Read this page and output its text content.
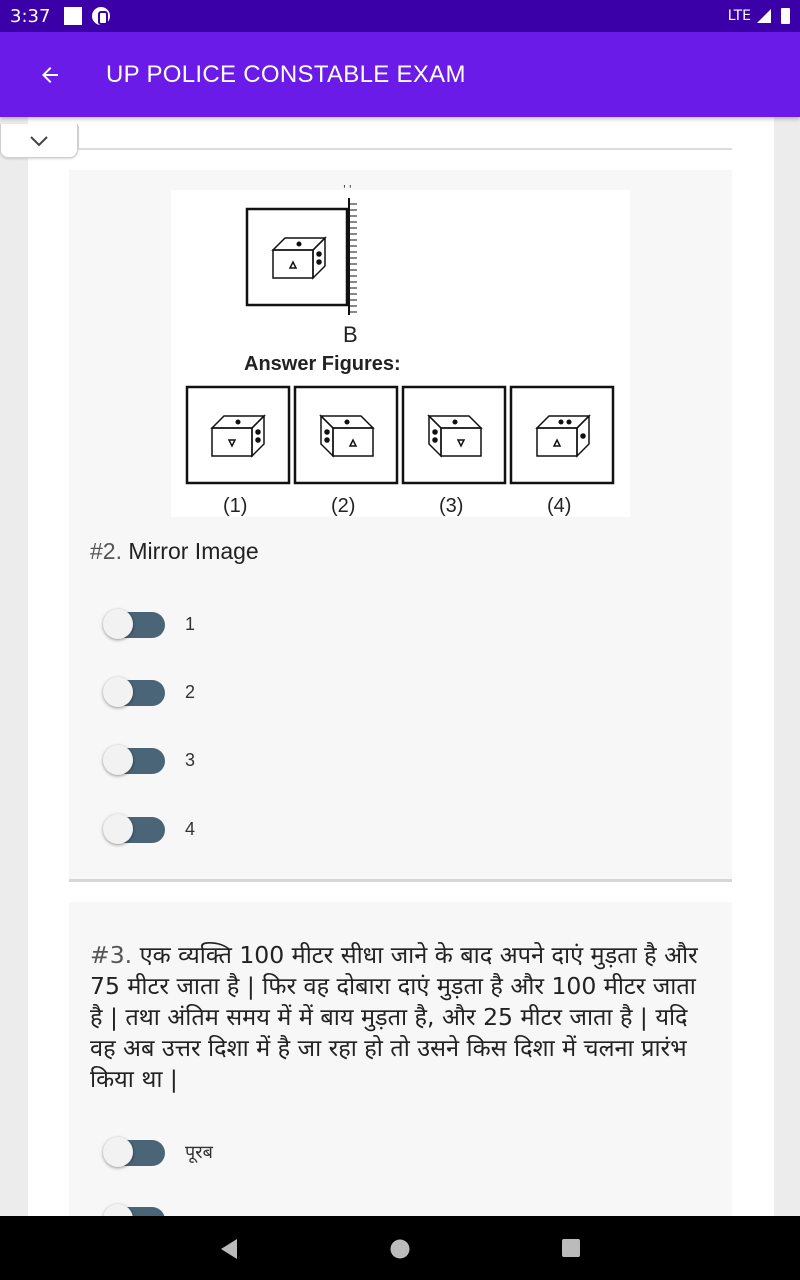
3:37	LTE
UP POLICE CONSTABLE EXAM
' '
B
Answer Figures:
(1)	(2)	(3)	(4)
#2. Mirror Image
1
2
3
4
#3. एक व्यक्ति 100 मीटर सीधा जाने के बाद अपने दाएं मुड़ता है और 75 मीटर जाता है | फिर वह दोबारा दाएं मुड़ता है और 100 मीटर जाता है | तथा अंतिम समय में में बाय मुड़ता है, और 25 मीटर जाता है | यदि वह अब उत्तर दिशा में है जा रहा हो तो उसने किस दिशा में चलना प्रारंभ किया था |
पूरब
